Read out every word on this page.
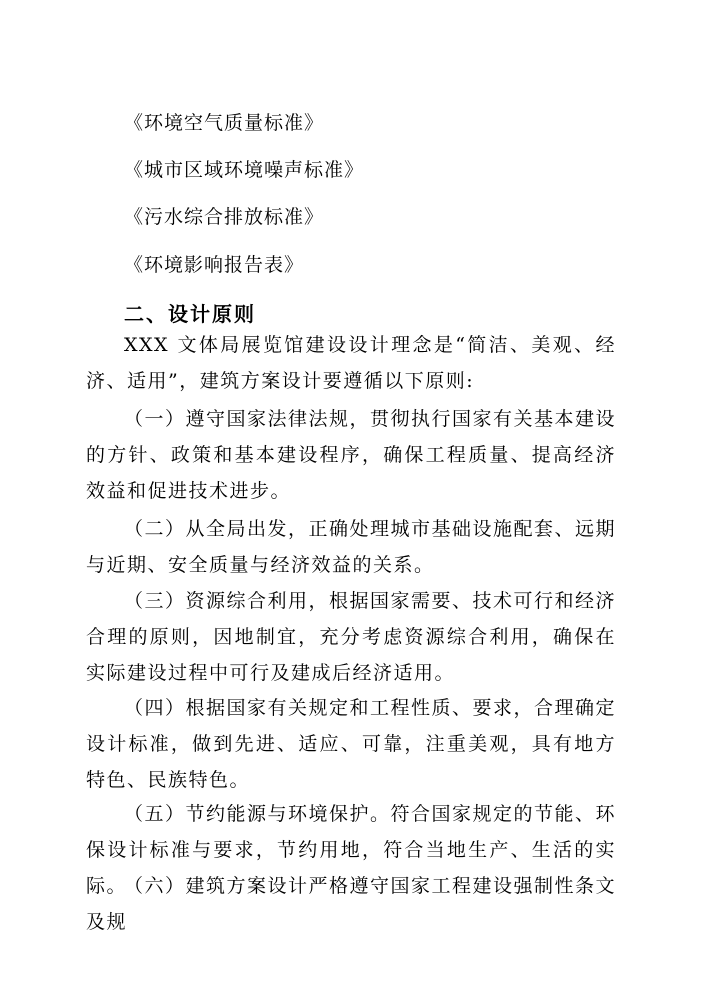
《环境空气质量标准》
《城市区域环境噪声标准》
《污水综合排放标准》
《环境影响报告表》
二、设计原则

XXX 文体局展览馆建设设计理念是“简洁、美观、经济、适用”，建筑方案设计要遵循以下原则:

（一）遵守国家法律法规，贯彻执行国家有关基本建设的方针、政策和基本建设程序，确保工程质量、提高经济效益和促进技术进步。

（二）从全局出发，正确处理城市基础设施配套、远期与近期、安全质量与经济效益的关系。

（三）资源综合利用，根据国家需要、技术可行和经济合理的原则，因地制宜，充分考虑资源综合利用，确保在实际建设过程中可行及建成后经济适用。

（四）根据国家有关规定和工程性质、要求，合理确定设计标准，做到先进、适应、可靠，注重美观，具有地方特色、民族特色。

（五）节约能源与环境保护。符合国家规定的节能、环保设计标准与要求，节约用地，符合当地生产、生活的实际。

（六）建筑方案设计严格遵守国家工程建设强制性条文及规
